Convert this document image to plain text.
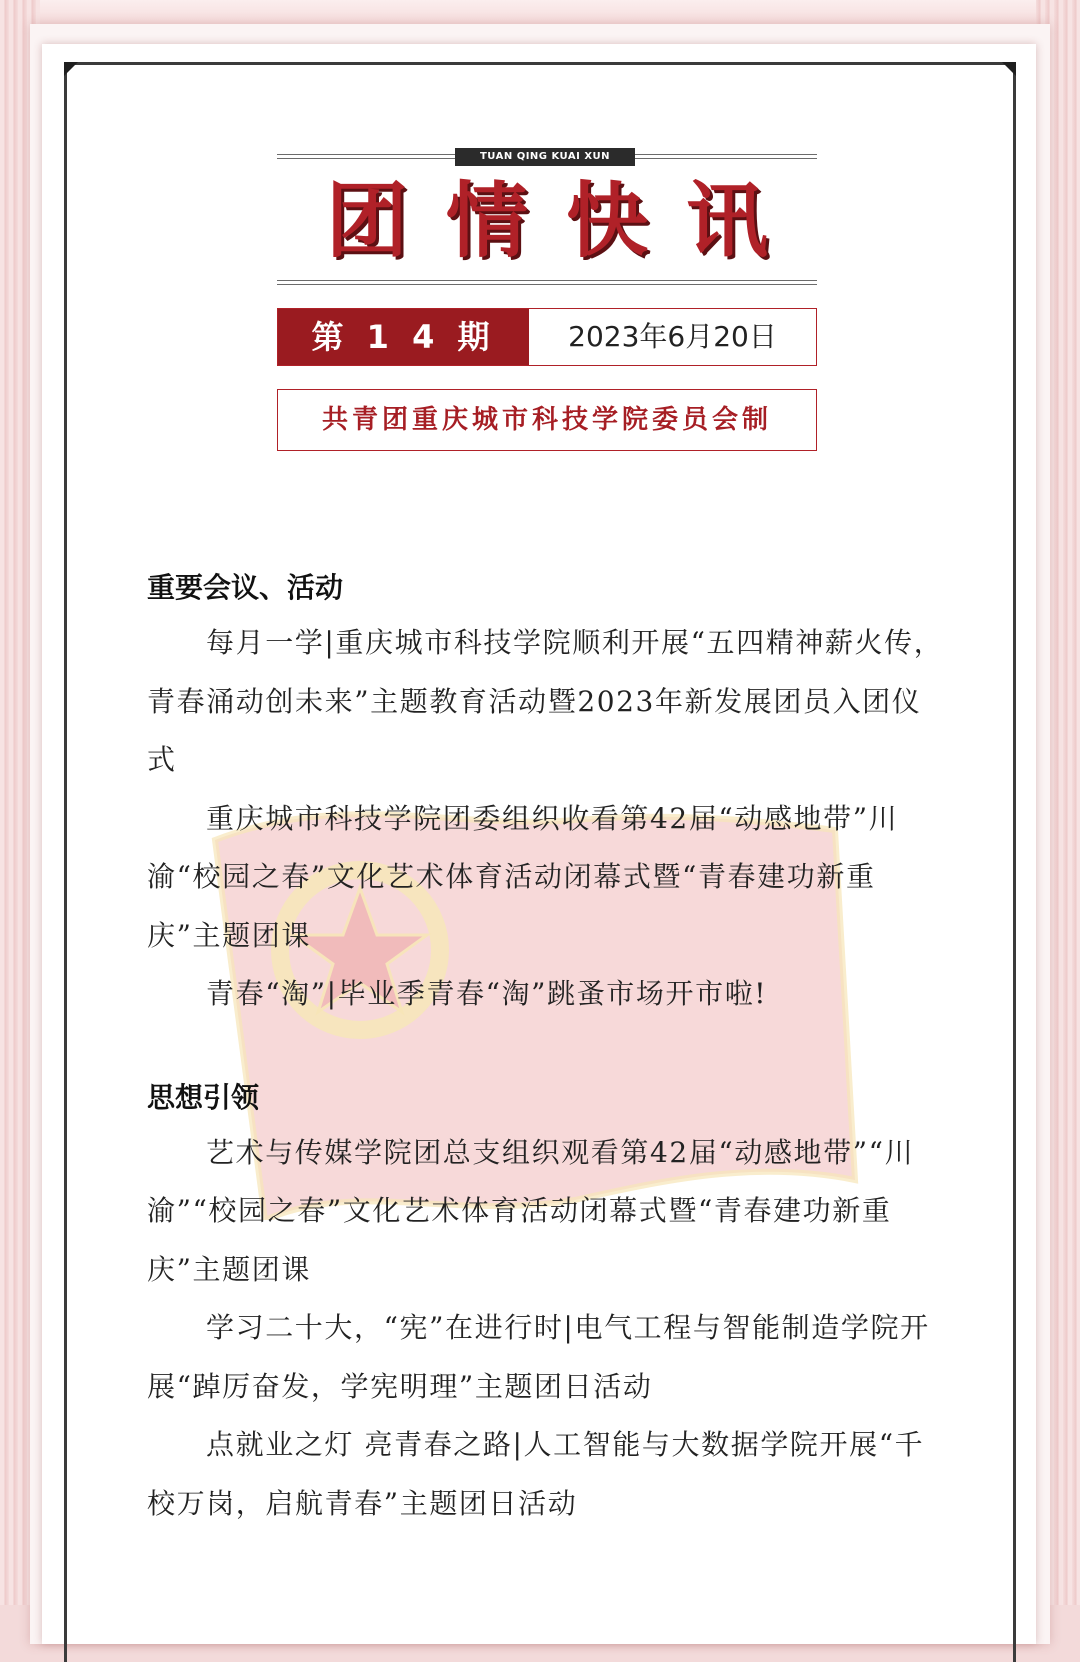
TUAN QING KUAI XUN
团情快讯
第 1 4 期	2023年6月20日
共青团重庆城市科技学院委员会制
重要会议、活动

每月一学|重庆城市科技学院顺利开展“五四精神薪火传，青春涌动创未来”主题教育活动暨2023年新发展团员入团仪式

重庆城市科技学院团委组织收看第42届“动感地带”川渝“校园之春”文化艺术体育活动闭幕式暨“青春建功新重庆”主题团课

青春“淘”|毕业季青春“淘”跳蚤市场开市啦!

思想引领

艺术与传媒学院团总支组织观看第42届“动感地带”“川渝”“校园之春”文化艺术体育活动闭幕式暨“青春建功新重庆”主题团课

学习二十大，“宪”在进行时|电气工程与智能制造学院开展“踔厉奋发，学宪明理”主题团日活动

点就业之灯 亮青春之路|人工智能与大数据学院开展“千校万岗，启航青春”主题团日活动
